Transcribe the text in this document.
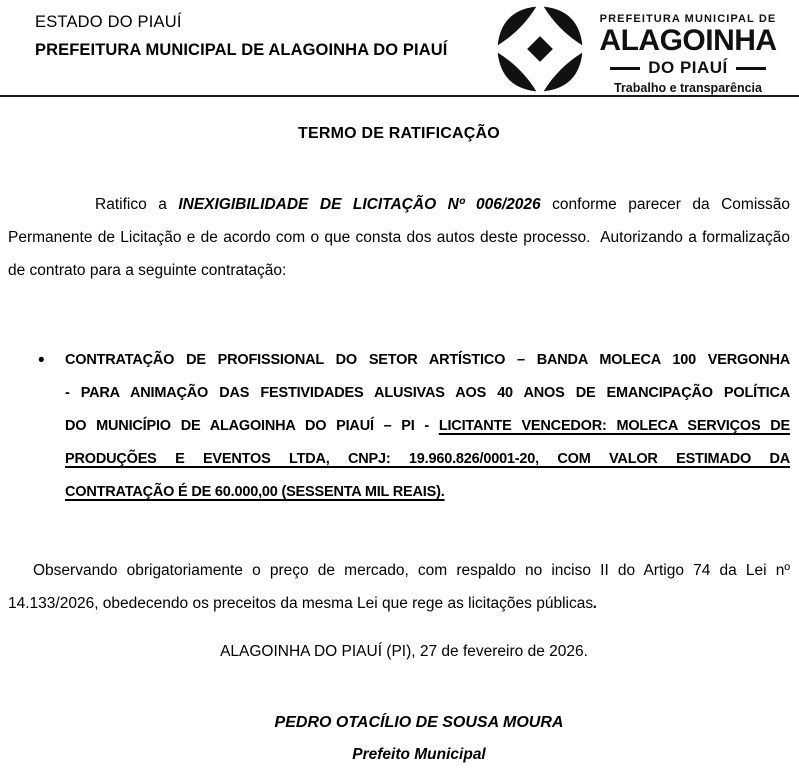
ESTADO DO PIAUÍ
PREFEITURA MUNICIPAL DE ALAGOINHA DO PIAUÍ
PREFEITURA MUNICIPAL DE
ALAGOINHA
DO PIAUÍ
Trabalho e transparência
TERMO DE RATIFICAÇÃO
Ratifico a INEXIGIBILIDADE DE LICITAÇÃO Nº 006/2026 conforme parecer da Comissão
Permanente de Licitação e de acordo com o que consta dos autos deste processo.  Autorizando a formalização
de contrato para a seguinte contratação:
•	CONTRATAÇÃO DE PROFISSIONAL DO SETOR ARTÍSTICO – BANDA MOLECA 100 VERGONHA
- PARA ANIMAÇÃO DAS FESTIVIDADES ALUSIVAS AOS 40 ANOS DE EMANCIPAÇÃO POLÍTICA
DO MUNICÍPIO DE ALAGOINHA DO PIAUÍ – PI - LICITANTE VENCEDOR: MOLECA SERVIÇOS DE
PRODUÇÕES E EVENTOS LTDA, CNPJ: 19.960.826/0001-20, COM VALOR ESTIMADO DA
CONTRATAÇÃO É DE 60.000,00 (SESSENTA MIL REAIS).
Observando obrigatoriamente o preço de mercado, com respaldo no inciso II do Artigo 74 da Lei nº
14.133/2026, obedecendo os preceitos da mesma Lei que rege as licitações públicas.
ALAGOINHA DO PIAUÍ (PI), 27 de fevereiro de 2026.
PEDRO OTACÍLIO DE SOUSA MOURA
Prefeito Municipal
